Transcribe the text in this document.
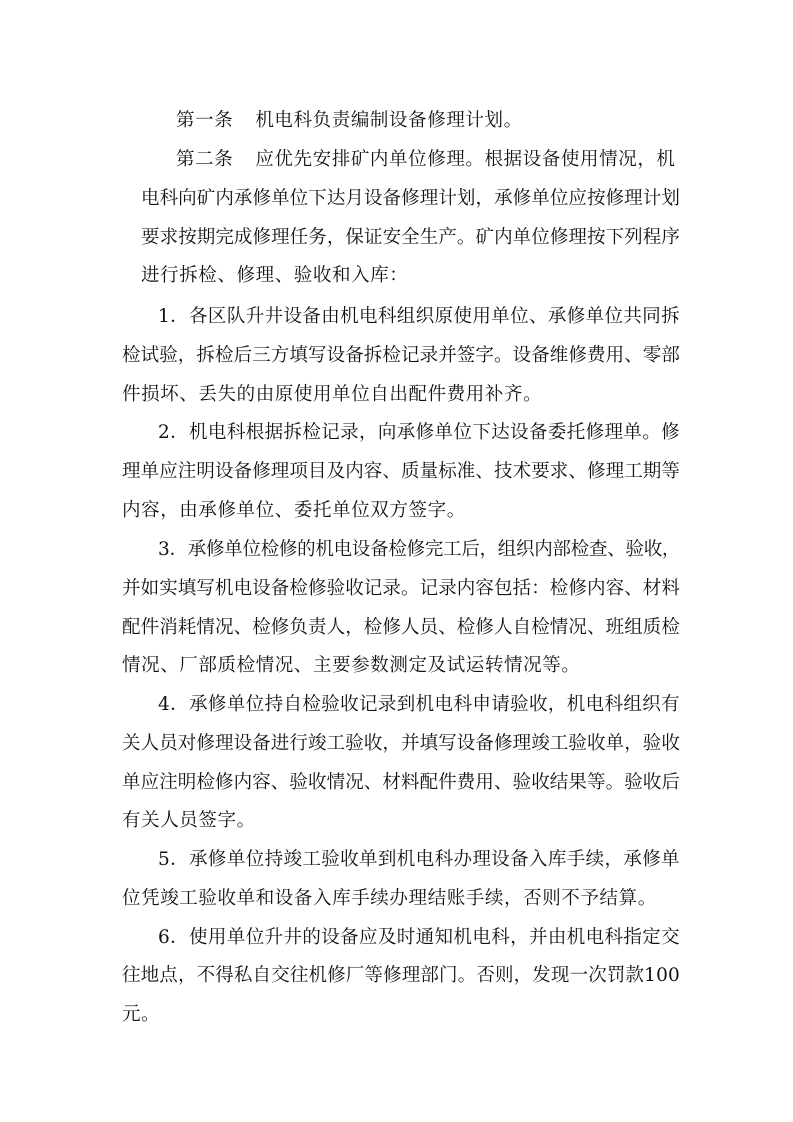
第一条 机电科负责编制设备修理计划。
第二条 应优先安排矿内单位修理。根据设备使用情况，机
电科向矿内承修单位下达月设备修理计划，承修单位应按修理计划
要求按期完成修理任务，保证安全生产。矿内单位修理按下列程序
进行拆检、修理、验收和入库：
1．各区队升井设备由机电科组织原使用单位、承修单位共同拆
检试验，拆检后三方填写设备拆检记录并签字。设备维修费用、零部
件损坏、丢失的由原使用单位自出配件费用补齐。
2．机电科根据拆检记录，向承修单位下达设备委托修理单。修
理单应注明设备修理项目及内容、质量标准、技术要求、修理工期等
内容，由承修单位、委托单位双方签字。
3．承修单位检修的机电设备检修完工后，组织内部检查、验收，
并如实填写机电设备检修验收记录。记录内容包括：检修内容、材料
配件消耗情况、检修负责人，检修人员、检修人自检情况、班组质检
情况、厂部质检情况、主要参数测定及试运转情况等。
4．承修单位持自检验收记录到机电科申请验收，机电科组织有
关人员对修理设备进行竣工验收，并填写设备修理竣工验收单，验收
单应注明检修内容、验收情况、材料配件费用、验收结果等。验收后
有关人员签字。
5．承修单位持竣工验收单到机电科办理设备入库手续，承修单
位凭竣工验收单和设备入库手续办理结账手续，否则不予结算。
6．使用单位升井的设备应及时通知机电科，并由机电科指定交
往地点，不得私自交往机修厂等修理部门。否则，发现一次罚款100
元。
